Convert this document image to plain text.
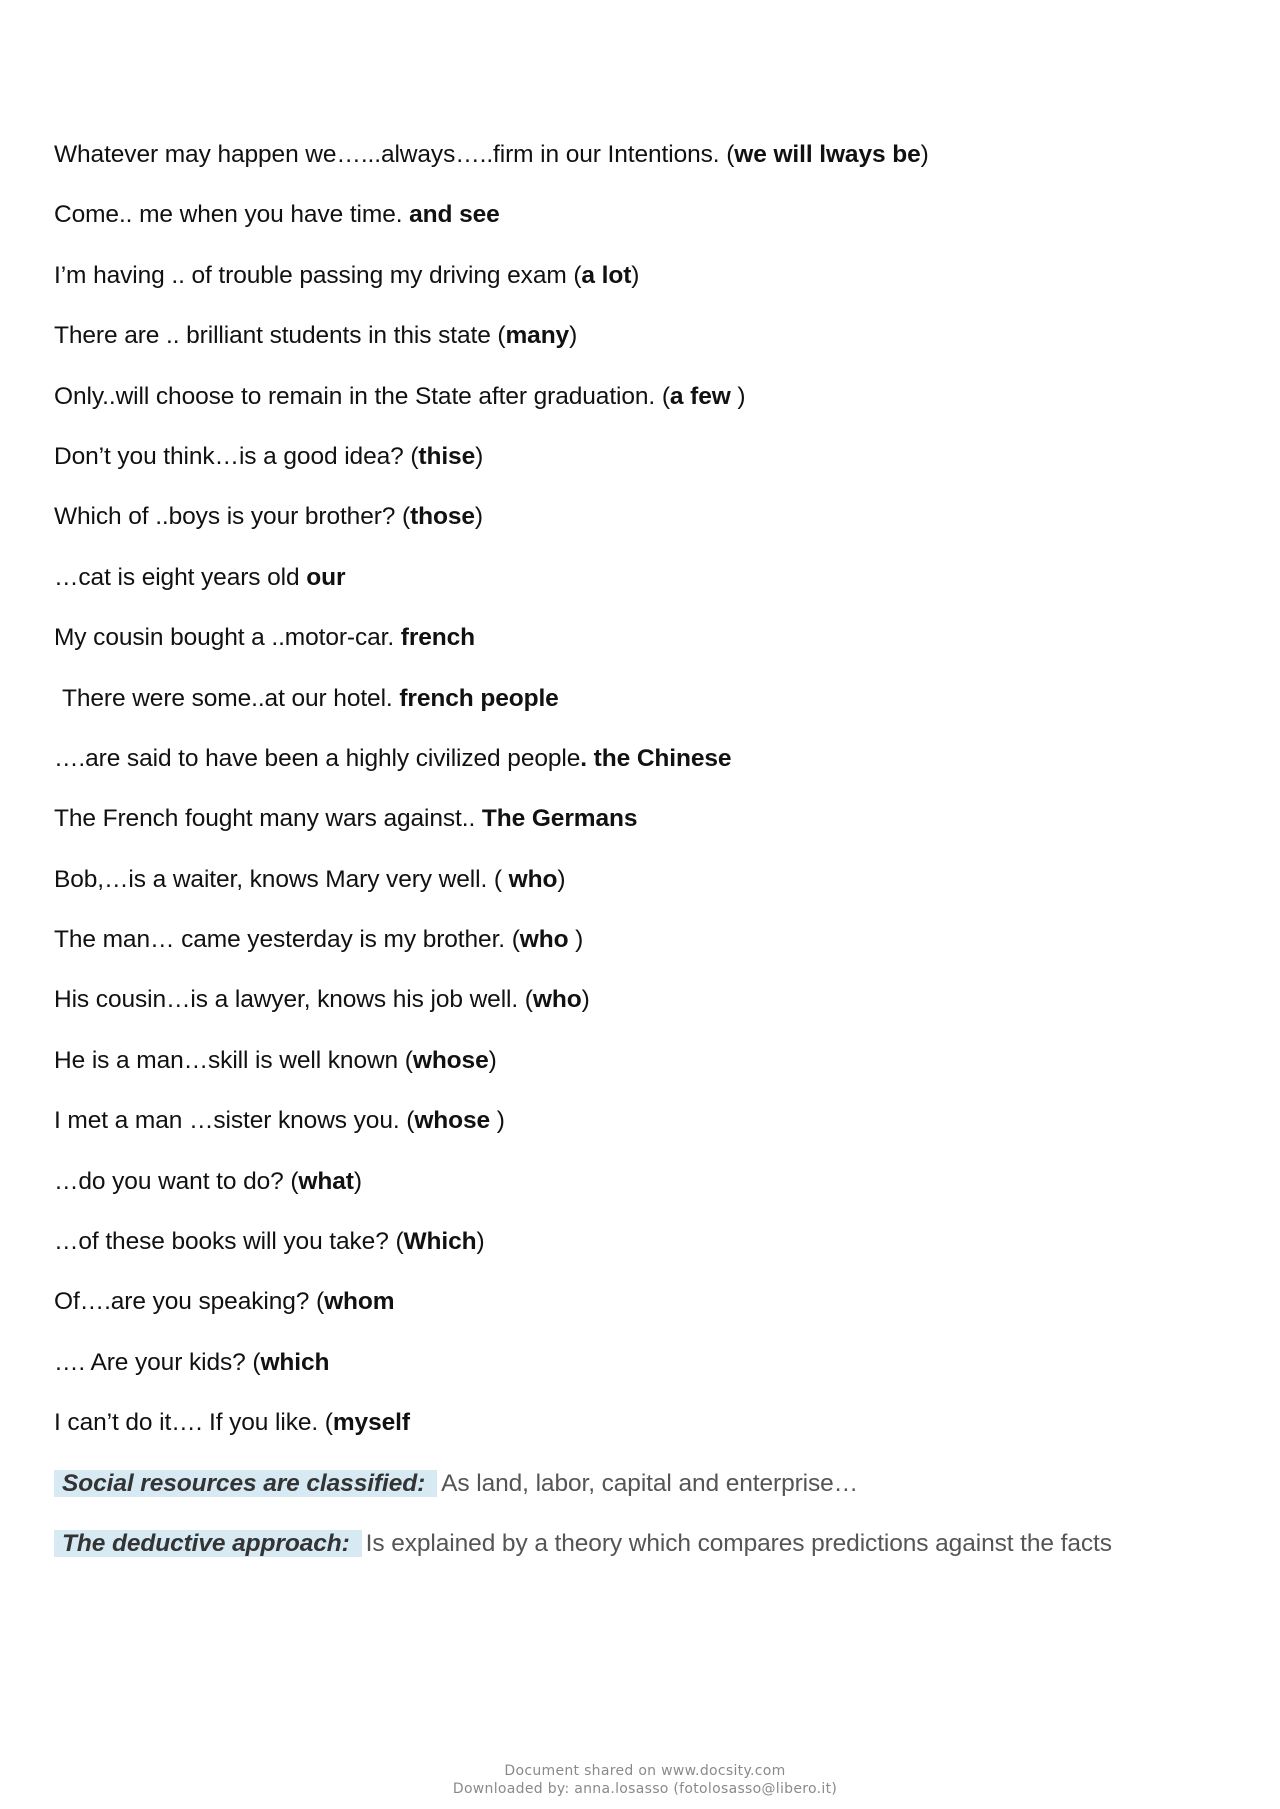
Whatever may happen we…...always…..firm in our Intentions. (we will lways be)
Come.. me when you have time. and see
I’m having .. of trouble passing my driving exam (a lot)
There are .. brilliant students in this state (many)
Only..will choose to remain in the State after graduation. (a few )
Don’t you think…is a good idea? (thise)
Which of ..boys is your brother? (those)
…cat is eight years old our
My cousin bought a ..motor-car. french
There were some..at our hotel. french people
….are said to have been a highly civilized people. the Chinese
The French fought many wars against.. The Germans
Bob,…is a waiter, knows Mary very well. ( who)
The man… came yesterday is my brother. (who )
His cousin…is a lawyer, knows his job well. (who)
He is a man…skill is well known (whose)
I met a man …sister knows you. (whose )
…do you want to do? (what)
…of these books will you take? (Which)
Of….are you speaking? (whom
…. Are your kids? (which
I can’t do it…. If you like. (myself
Social resources are classified: As land, labor, capital and enterprise…
The deductive approach: Is explained by a theory which compares predictions against the facts
Document shared on www.docsity.com
Downloaded by: anna.losasso (fotolosasso@libero.it)
